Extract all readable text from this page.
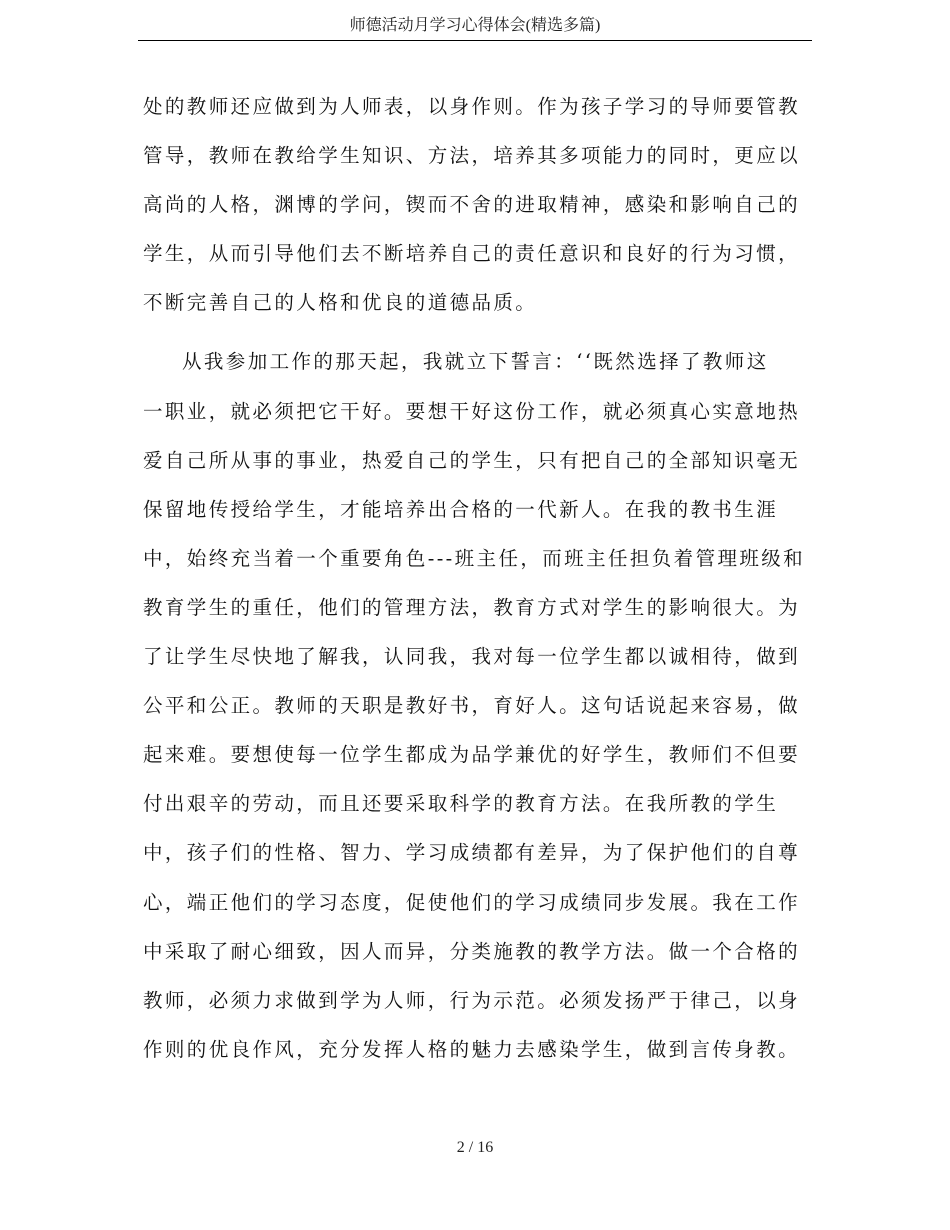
师德活动月学习心得体会(精选多篇)
处的教师还应做到为人师表，以身作则。作为孩子学习的导师要管教
管导，教师在教给学生知识、方法，培养其多项能力的同时，更应以
高尚的人格，渊博的学问，锲而不舍的进取精神，感染和影响自己的
学生，从而引导他们去不断培养自己的责任意识和良好的行为习惯，
不断完善自己的人格和优良的道德品质。
从我参加工作的那天起，我就立下誓言：‘‘既然选择了教师这
一职业，就必须把它干好。要想干好这份工作，就必须真心实意地热
爱自己所从事的事业，热爱自己的学生，只有把自己的全部知识毫无
保留地传授给学生，才能培养出合格的一代新人。在我的教书生涯
中，始终充当着一个重要角色---班主任，而班主任担负着管理班级和
教育学生的重任，他们的管理方法，教育方式对学生的影响很大。为
了让学生尽快地了解我，认同我，我对每一位学生都以诚相待，做到
公平和公正。教师的天职是教好书，育好人。这句话说起来容易，做
起来难。要想使每一位学生都成为品学兼优的好学生，教师们不但要
付出艰辛的劳动，而且还要采取科学的教育方法。在我所教的学生
中，孩子们的性格、智力、学习成绩都有差异，为了保护他们的自尊
心，端正他们的学习态度，促使他们的学习成绩同步发展。我在工作
中采取了耐心细致，因人而异，分类施教的教学方法。做一个合格的
教师，必须力求做到学为人师，行为示范。必须发扬严于律己，以身
作则的优良作风，充分发挥人格的魅力去感染学生，做到言传身教。
2 / 16
